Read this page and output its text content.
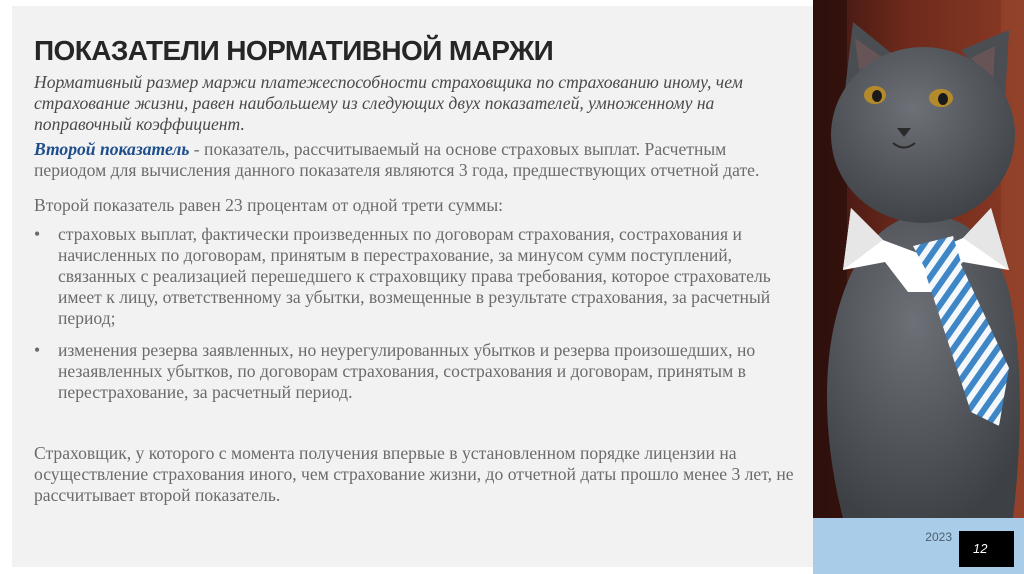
ПОКАЗАТЕЛИ НОРМАТИВНОЙ МАРЖИ

Нормативный размер маржи платежеспособности страховщика по страхованию иному, чем страхование жизни, равен наибольшему из следующих двух показателей, умноженному на поправочный коэффициент.

Второй показатель - показатель, рассчитываемый на основе страховых выплат. Расчетным периодом для вычисления данного показателя являются 3 года, предшествующих отчетной дате.

Второй показатель равен 23 процентам от одной трети суммы:

• страховых выплат, фактически произведенных по договорам страхования, сострахования и начисленных по договорам, принятым в перестрахование, за минусом сумм поступлений, связанных с реализацией перешедшего к страховщику права требования, которое страхователь имеет к лицу, ответственному за убытки, возмещенные в результате страхования, за расчетный период;
• изменения резерва заявленных, но неурегулированных убытков и резерва произошедших, но незаявленных убытков, по договорам страхования, сострахования и договорам, принятым в перестрахование, за расчетный период.

Страховщик, у которого с момента получения впервые в установленном порядке лицензии на осуществление страхования иного, чем страхование жизни, до отчетной даты прошло менее 3 лет, не рассчитывает второй показатель.

2023
12
